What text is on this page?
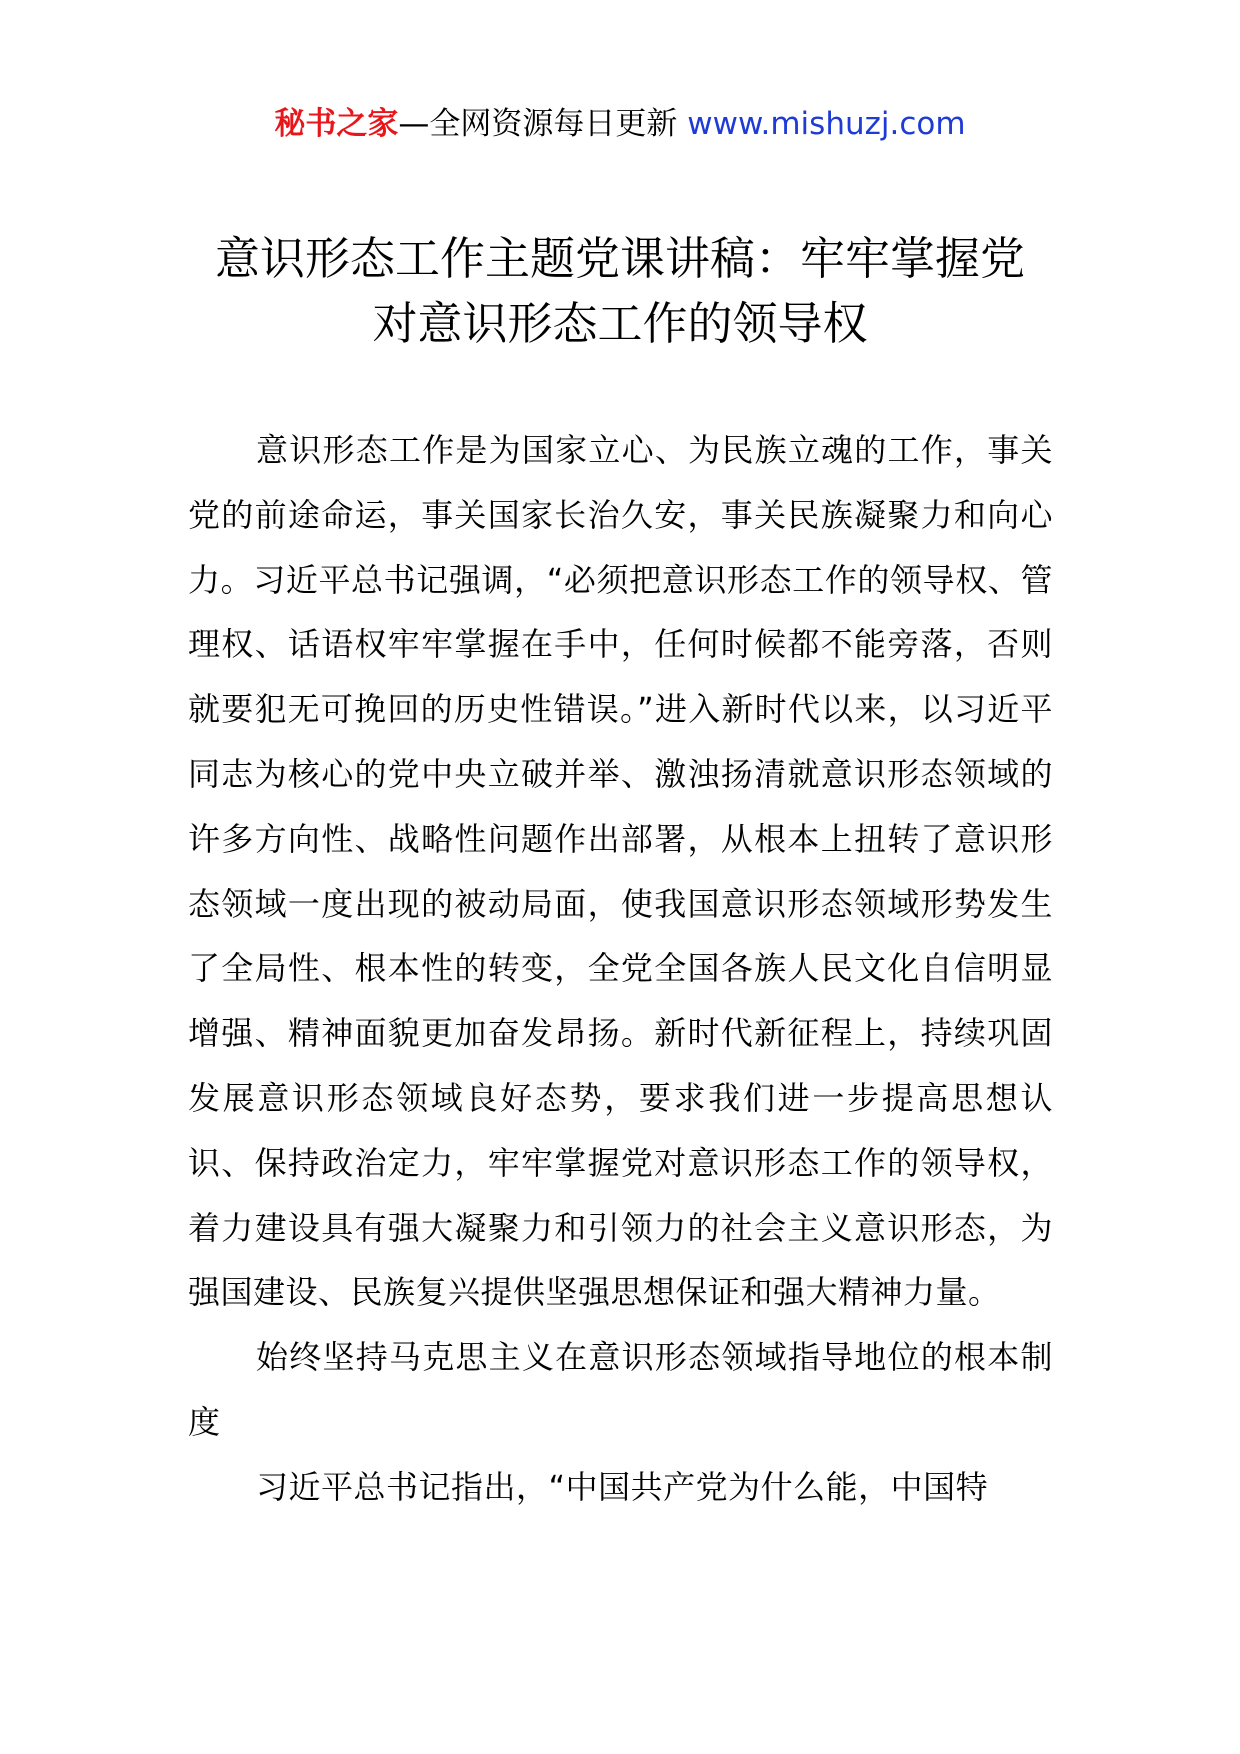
秘书之家—全网资源每日更新 www.mishuzj.com
意识形态工作主题党课讲稿：牢牢掌握党
对意识形态工作的领导权

意识形态工作是为国家立心、为民族立魂的工作，事关党的前途命运，事关国家长治久安，事关民族凝聚力和向心力。习近平总书记强调，“必须把意识形态工作的领导权、管理权、话语权牢牢掌握在手中，任何时候都不能旁落，否则就要犯无可挽回的历史性错误。”进入新时代以来，以习近平同志为核心的党中央立破并举、激浊扬清就意识形态领域的许多方向性、战略性问题作出部署，从根本上扭转了意识形态领域一度出现的被动局面，使我国意识形态领域形势发生了全局性、根本性的转变，全党全国各族人民文化自信明显增强、精神面貌更加奋发昂扬。新时代新征程上，持续巩固发展意识形态领域良好态势，要求我们进一步提高思想认识、保持政治定力，牢牢掌握党对意识形态工作的领导权，着力建设具有强大凝聚力和引领力的社会主义意识形态，为强国建设、民族复兴提供坚强思想保证和强大精神力量。

始终坚持马克思主义在意识形态领域指导地位的根本制度

习近平总书记指出，“中国共产党为什么能，中国特
